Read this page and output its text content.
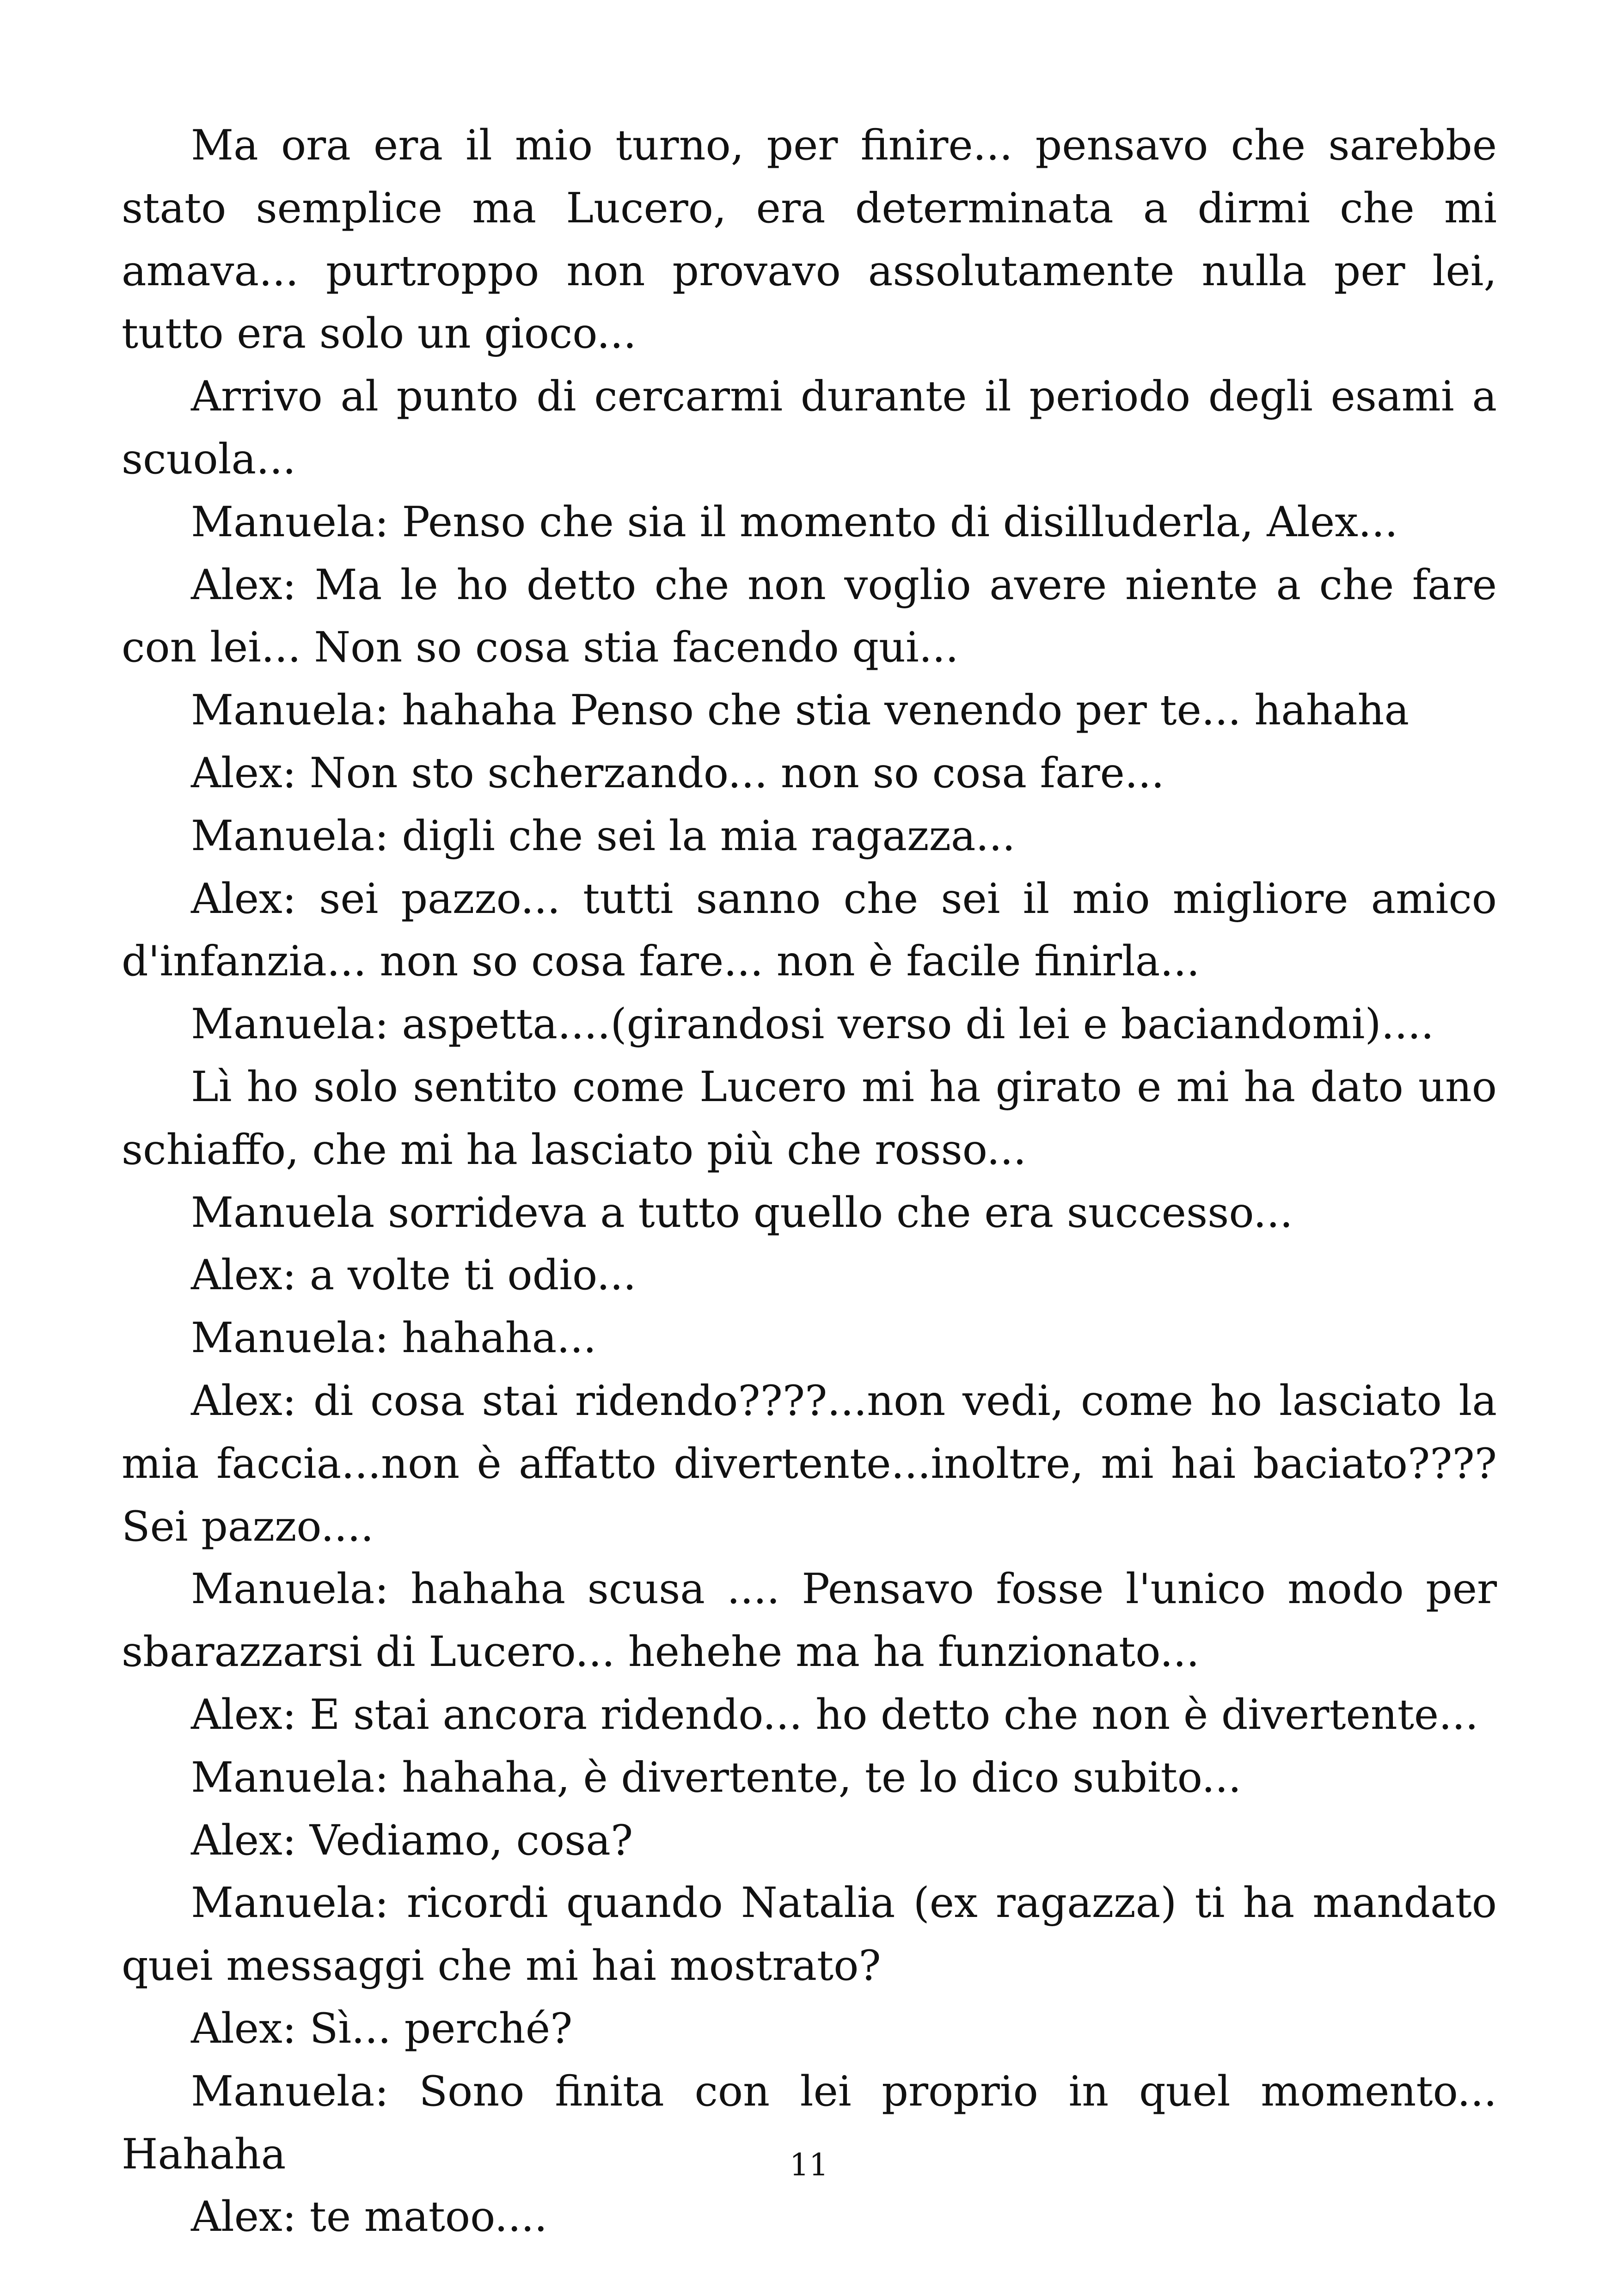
Ma ora era il mio turno, per finire... pensavo che sarebbe stato semplice ma Lucero, era determinata a dirmi che mi amava... purtroppo non provavo assolutamente nulla per lei, tutto era solo un gioco...

Arrivo al punto di cercarmi durante il periodo degli esami a scuola...

Manuela: Penso che sia il momento di disilluderla, Alex...

Alex: Ma le ho detto che non voglio avere niente a che fare con lei... Non so cosa stia facendo qui...

Manuela: hahaha Penso che stia venendo per te... hahaha

Alex: Non sto scherzando... non so cosa fare...

Manuela: digli che sei la mia ragazza...

Alex: sei pazzo... tutti sanno che sei il mio migliore amico d'infanzia... non so cosa fare... non è facile finirla...

Manuela: aspetta....(girandosi verso di lei e baciandomi)....

Lì ho solo sentito come Lucero mi ha girato e mi ha dato uno schiaffo, che mi ha lasciato più che rosso...

Manuela sorrideva a tutto quello che era successo...

Alex: a volte ti odio...

Manuela: hahaha...

Alex: di cosa stai ridendo????...non vedi, come ho lasciato la mia faccia...non è affatto divertente...inoltre, mi hai baciato???? Sei pazzo....

Manuela: hahaha scusa .... Pensavo fosse l'unico modo per sbarazzarsi di Lucero... hehehe ma ha funzionato...

Alex: E stai ancora ridendo... ho detto che non è divertente...

Manuela: hahaha, è divertente, te lo dico subito...

Alex: Vediamo, cosa?

Manuela: ricordi quando Natalia (ex ragazza) ti ha mandato quei messaggi che mi hai mostrato?

Alex: Sì... perché?

Manuela: Sono finita con lei proprio in quel momento... Hahaha

Alex: te matoo....

11
